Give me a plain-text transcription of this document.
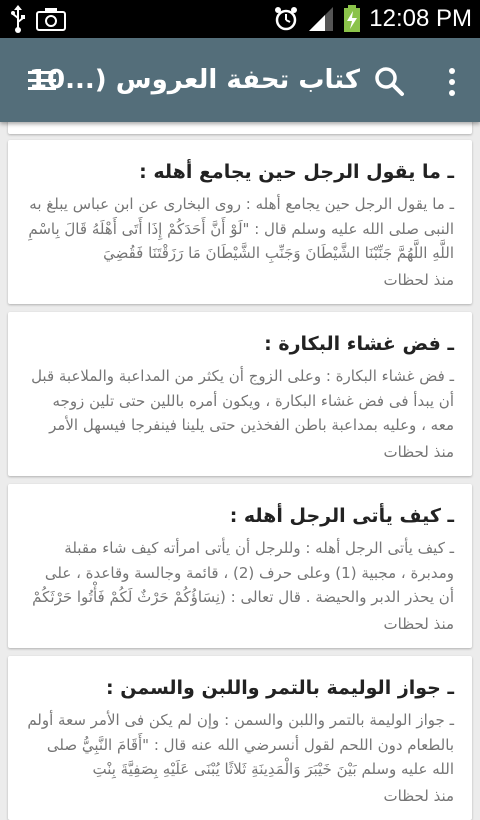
12:08 PM
كتاب تحفة العروس (...10
ـ ما يقول الرجل حين يجامع أهله :
ـ ما يقول الرجل حين يجامع أهله : روى البخارى عن ابن عباس يبلغ به النبى صلى الله عليه وسلم قال : "لَوْ أَنَّ أَحَدَكُمْ إِذَا أَتَى أَهْلَهُ قَالَ بِاسْمِ اللَّهِ اللَّهُمَّ جَنِّبْنَا الشَّيْطَانَ وَجَنِّبِ الشَّيْطَانَ مَا رَزَقْتَنَا فَقُضِيَ
منذ لحظات
ـ فض غشاء البكارة :
ـ فض غشاء البكارة : وعلى الزوج أن يكثر من المداعبة والملاعبة قبل أن يبدأ فى فض غشاء البكارة ، ويكون أمره باللين حتى تلين زوجه معه ، وعليه بمداعبة باطن الفخذين حتى يلينا فينفرجا فيسهل الأمر
منذ لحظات
ـ كيف يأتى الرجل أهله :
ـ كيف يأتى الرجل أهله : وللرجل أن يأتى امرأته كيف شاء مقبلة ومدبرة ، مجبية (1) وعلى حرف (2) ، قائمة وجالسة وقاعدة ، على أن يحذر الدبر والحيضة . قال تعالى : (نِسَاؤُكُمْ حَرْثٌ لَكُمْ فَأْتُوا حَرْثَكُمْ
منذ لحظات
ـ جواز الوليمة بالتمر واللبن والسمن :
ـ جواز الوليمة بالتمر واللبن والسمن : وإن لم يكن فى الأمر سعة أولم بالطعام دون اللحم لقول أنسرضي الله عنه قال : "أَقَامَ النَّبِيُّ صلى الله عليه وسلم بَيْنَ خَيْبَرَ وَالْمَدِينَةِ ثَلاثًا يُبْنَى عَلَيْهِ بِصَفِيَّةَ بِنْتِ
منذ لحظات
